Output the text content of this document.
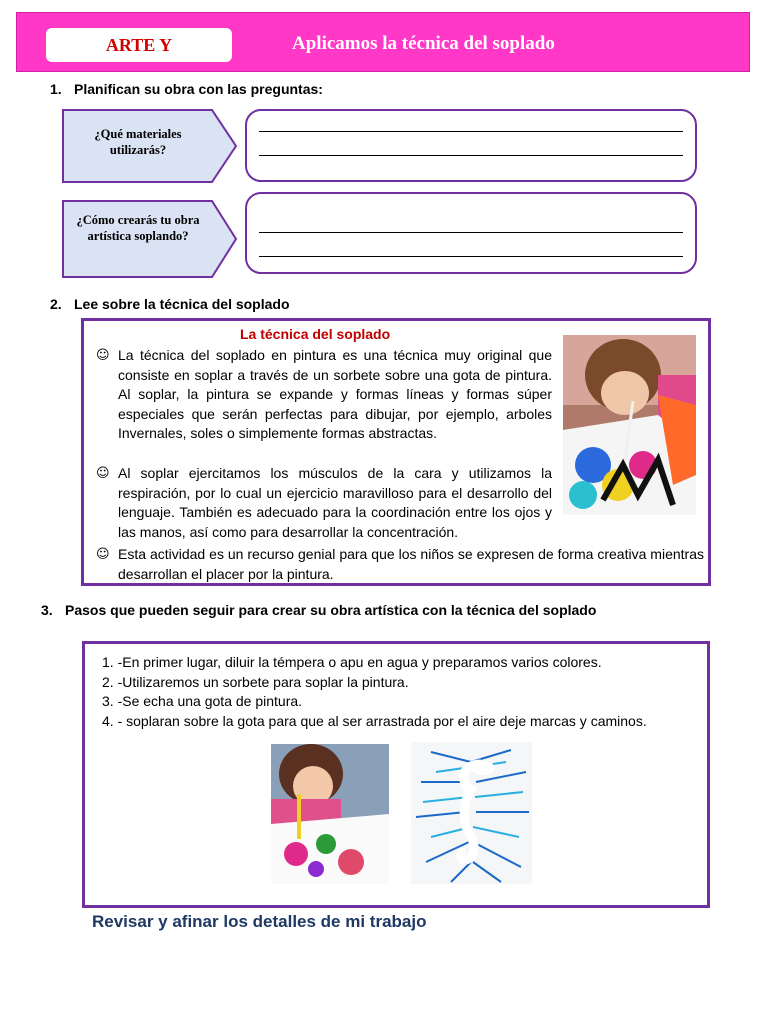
ARTE Y	Aplicamos la técnica del soplado
1. Planifican su obra con las preguntas:
¿Qué materiales utilizarás?
¿Cómo crearás tu obra artística soplando?
2. Lee sobre la técnica del soplado
La técnica del soplado
☺ La técnica del soplado en pintura es una técnica muy original que consiste en soplar a través de un sorbete sobre una gota de pintura. Al soplar, la pintura se expande y formas líneas y formas súper especiales que serán perfectas para dibujar, por ejemplo, arboles Invernales, soles o simplemente formas abstractas.
☺ Al soplar ejercitamos los músculos de la cara y utilizamos la respiración, por lo cual un ejercicio maravilloso para el desarrollo del lenguaje. También es adecuado para la coordinación entre los ojos y las manos, así como para desarrollar la concentración.
☺ Esta actividad es un recurso genial para que los niños se expresen de forma creativa mientras desarrollan el placer por la pintura.
3. Pasos que pueden seguir para crear su obra artística con la técnica del soplado
1. -En primer lugar, diluir la témpera o apu en agua y preparamos varios colores.
2. -Utilizaremos un sorbete para soplar la pintura.
3. -Se echa una gota de pintura.
4. - soplaran sobre la gota para que al ser arrastrada por el aire deje marcas y caminos.
Revisar y afinar los detalles de mi trabajo
